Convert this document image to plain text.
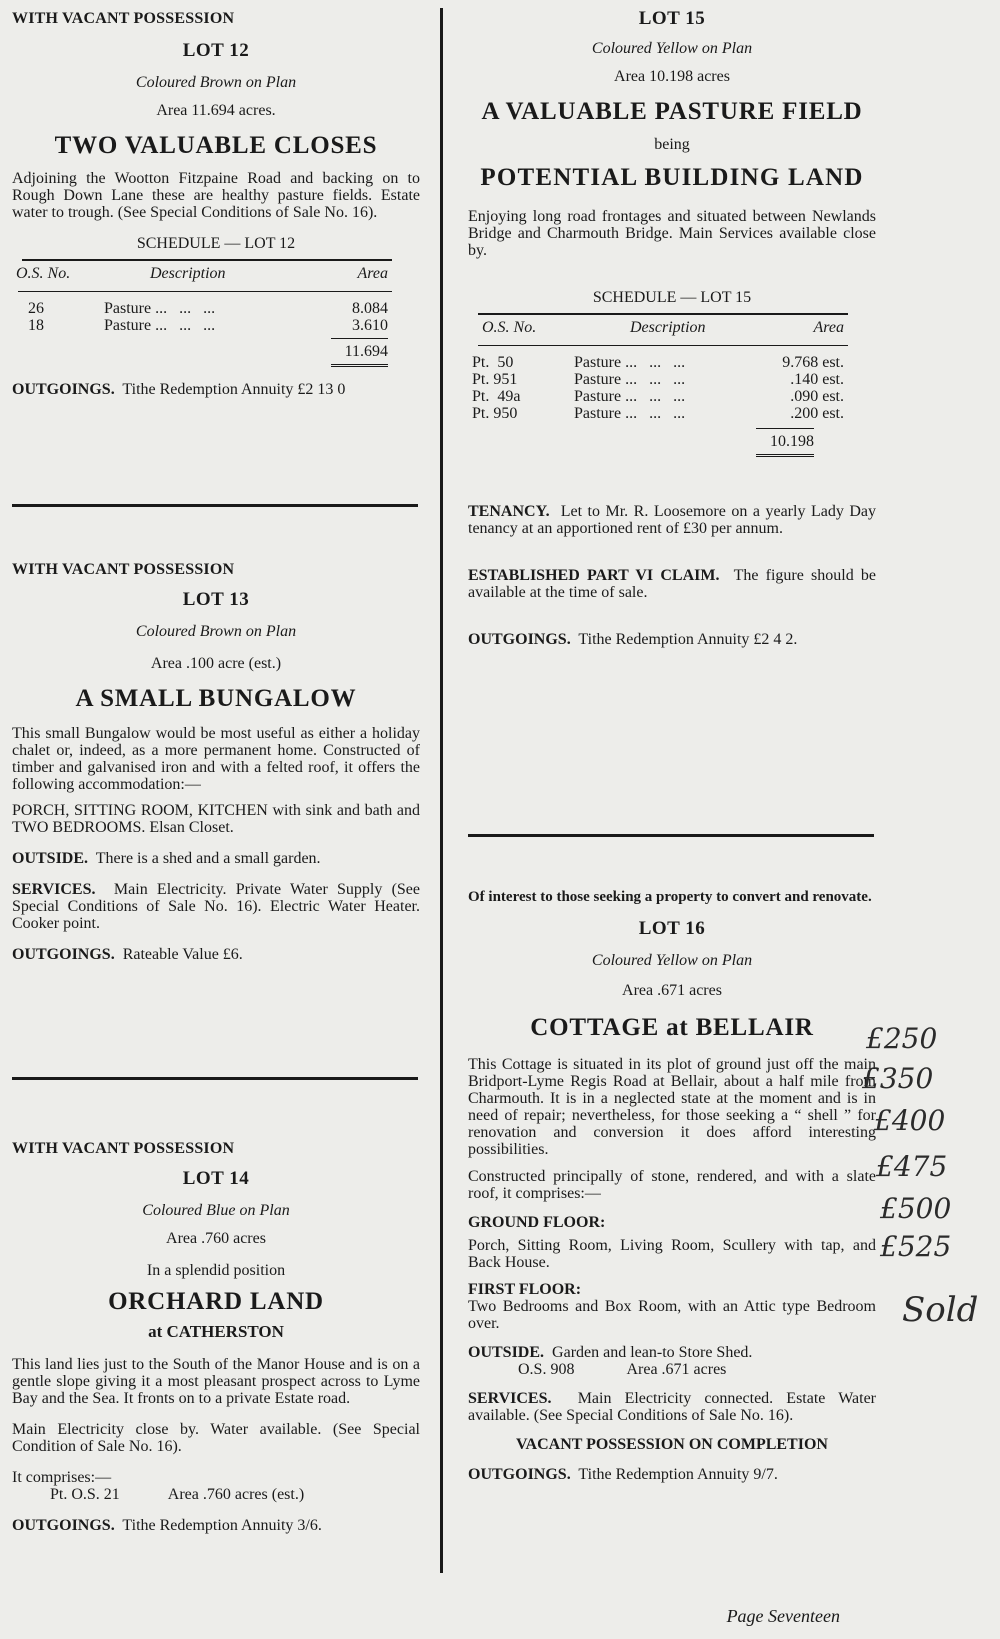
WITH VACANT POSSESSION
LOT 12
Coloured Brown on Plan
Area 11.694 acres.
TWO VALUABLE CLOSES
Adjoining the Wootton Fitzpaine Road and backing on to Rough Down Lane these are healthy pasture fields. Estate water to trough. (See Special Conditions of Sale No. 16).
SCHEDULE — LOT 12
O.S. No.	Description	Area

26	Pasture ...   ...   ...	8.084
18	Pasture ...   ...   ...	3.610
		11.694
OUTGOINGS. Tithe Redemption Annuity £2 13 0
WITH VACANT POSSESSION
LOT 13
Coloured Brown on Plan
Area .100 acre (est.)
A SMALL BUNGALOW
This small Bungalow would be most useful as either a holiday chalet or, indeed, as a more permanent home. Constructed of timber and galvanised iron and with a felted roof, it offers the following accommodation:—
PORCH, SITTING ROOM, KITCHEN with sink and bath and TWO BEDROOMS. Elsan Closet.
OUTSIDE. There is a shed and a small garden.
SERVICES. Main Electricity. Private Water Supply (See Special Conditions of Sale No. 16). Electric Water Heater. Cooker point.
OUTGOINGS. Rateable Value £6.
WITH VACANT POSSESSION
LOT 14
Coloured Blue on Plan
Area .760 acres
In a splendid position
ORCHARD LAND
at CATHERSTON
This land lies just to the South of the Manor House and is on a gentle slope giving it a most pleasant prospect across to Lyme Bay and the Sea. It fronts on to a private Estate road.
Main Electricity close by. Water available. (See Special Condition of Sale No. 16).
It comprises:—
Pt. O.S. 21	Area .760 acres (est.)
OUTGOINGS. Tithe Redemption Annuity 3/6.
LOT 15
Coloured Yellow on Plan
Area 10.198 acres
A VALUABLE PASTURE FIELD
being
POTENTIAL BUILDING LAND
Enjoying long road frontages and situated between Newlands Bridge and Charmouth Bridge. Main Services available close by.
SCHEDULE — LOT 15
O.S. No.	Description	Area

Pt.  50	Pasture ...   ...   ...	9.768 est.
Pt. 951	Pasture ...   ...   ...	.140 est.
Pt.  49a	Pasture ...   ...   ...	.090 est.
Pt. 950	Pasture ...   ...   ...	.200 est.
		10.198
TENANCY. Let to Mr. R. Loosemore on a yearly Lady Day tenancy at an apportioned rent of £30 per annum.
ESTABLISHED PART VI CLAIM. The figure should be available at the time of sale.
OUTGOINGS. Tithe Redemption Annuity £2 4 2.
Of interest to those seeking a property to convert and renovate.
LOT 16
Coloured Yellow on Plan
Area .671 acres
COTTAGE at BELLAIR
This Cottage is situated in its plot of ground just off the main Bridport-Lyme Regis Road at Bellair, about a half mile from Charmouth. It is in a neglected state at the moment and is in need of repair; nevertheless, for those seeking a “ shell ” for renovation and conversion it does afford interesting possibilities.
Constructed principally of stone, rendered, and with a slate roof, it comprises:—
GROUND FLOOR:
Porch, Sitting Room, Living Room, Scullery with tap, and Back House.
FIRST FLOOR:
Two Bedrooms and Box Room, with an Attic type Bedroom over.
OUTSIDE. Garden and lean-to Store Shed.
O.S. 908	Area .671 acres
SERVICES. Main Electricity connected. Estate Water available. (See Special Conditions of Sale No. 16).
VACANT POSSESSION ON COMPLETION
OUTGOINGS. Tithe Redemption Annuity 9/7.
£250
£350
£400
£475
£500
£525
Sold
Page Seventeen
